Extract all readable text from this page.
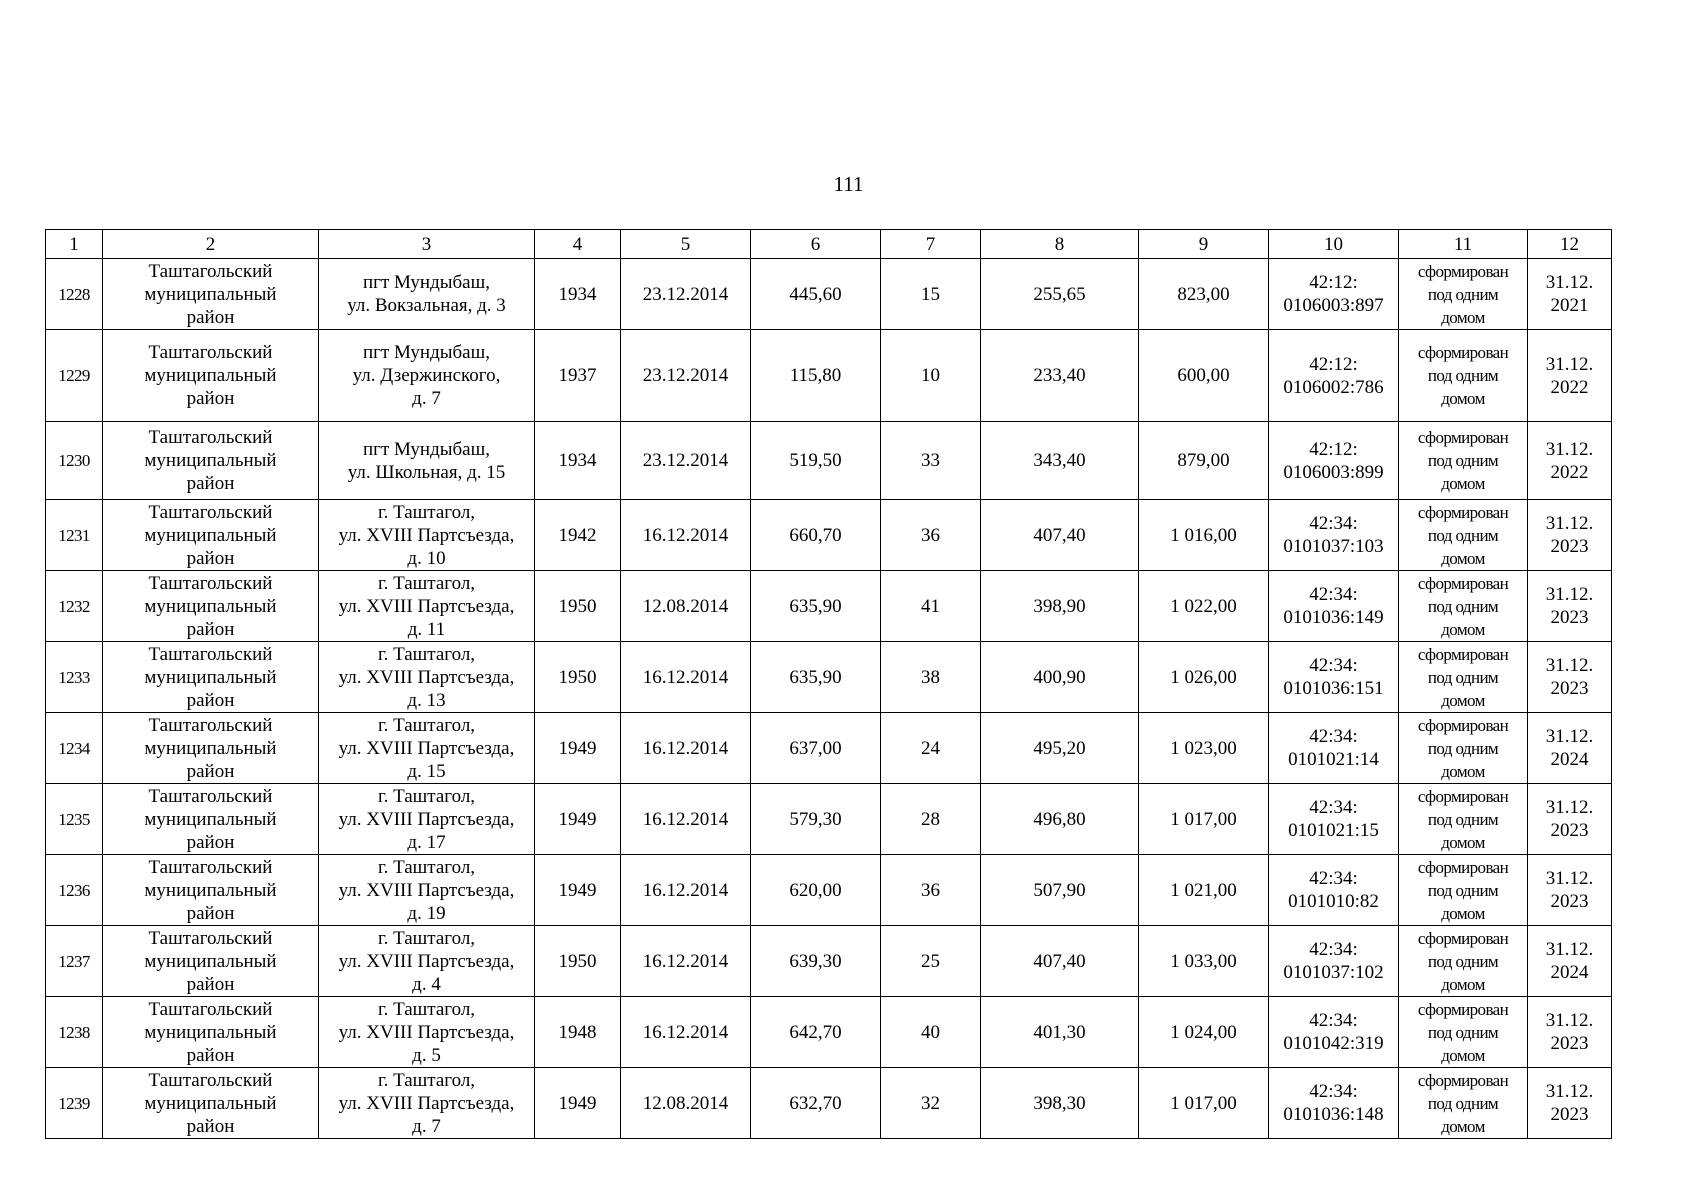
111
1	2	3	4	5	6	7	8	9	10	11	12
1228	Таштагольский
муниципальный
район	пгт Мундыбаш,
ул. Вокзальная, д. 3	1934	23.12.2014	445,60	15	255,65	823,00	42:12:
0106003:897	сформирован
под одним
домом	31.12.
2021

1229	Таштагольский
муниципальный
район	пгт Мундыбаш,
ул. Дзержинского,
д. 7	1937	23.12.2014	115,80	10	233,40	600,00	42:12:
0106002:786	сформирован
под одним
домом	31.12.
2022

1230	Таштагольский
муниципальный
район	пгт Мундыбаш,
ул. Школьная, д. 15	1934	23.12.2014	519,50	33	343,40	879,00	42:12:
0106003:899	сформирован
под одним
домом	31.12.
2022

1231	Таштагольский
муниципальный
район	г. Таштагол,
ул. XVIII Партсъезда,
д. 10	1942	16.12.2014	660,70	36	407,40	1 016,00	42:34:
0101037:103	сформирован
под одним
домом	31.12.
2023

1232	Таштагольский
муниципальный
район	г. Таштагол,
ул. XVIII Партсъезда,
д. 11	1950	12.08.2014	635,90	41	398,90	1 022,00	42:34:
0101036:149	сформирован
под одним
домом	31.12.
2023

1233	Таштагольский
муниципальный
район	г. Таштагол,
ул. XVIII Партсъезда,
д. 13	1950	16.12.2014	635,90	38	400,90	1 026,00	42:34:
0101036:151	сформирован
под одним
домом	31.12.
2023

1234	Таштагольский
муниципальный
район	г. Таштагол,
ул. XVIII Партсъезда,
д. 15	1949	16.12.2014	637,00	24	495,20	1 023,00	42:34:
0101021:14	сформирован
под одним
домом	31.12.
2024

1235	Таштагольский
муниципальный
район	г. Таштагол,
ул. XVIII Партсъезда,
д. 17	1949	16.12.2014	579,30	28	496,80	1 017,00	42:34:
0101021:15	сформирован
под одним
домом	31.12.
2023

1236	Таштагольский
муниципальный
район	г. Таштагол,
ул. XVIII Партсъезда,
д. 19	1949	16.12.2014	620,00	36	507,90	1 021,00	42:34:
0101010:82	сформирован
под одним
домом	31.12.
2023

1237	Таштагольский
муниципальный
район	г. Таштагол,
ул. XVIII Партсъезда,
д. 4	1950	16.12.2014	639,30	25	407,40	1 033,00	42:34:
0101037:102	сформирован
под одним
домом	31.12.
2024

1238	Таштагольский
муниципальный
район	г. Таштагол,
ул. XVIII Партсъезда,
д. 5	1948	16.12.2014	642,70	40	401,30	1 024,00	42:34:
0101042:319	сформирован
под одним
домом	31.12.
2023

1239	Таштагольский
муниципальный
район	г. Таштагол,
ул. XVIII Партсъезда,
д. 7	1949	12.08.2014	632,70	32	398,30	1 017,00	42:34:
0101036:148	сформирован
под одним
домом	31.12.
2023
